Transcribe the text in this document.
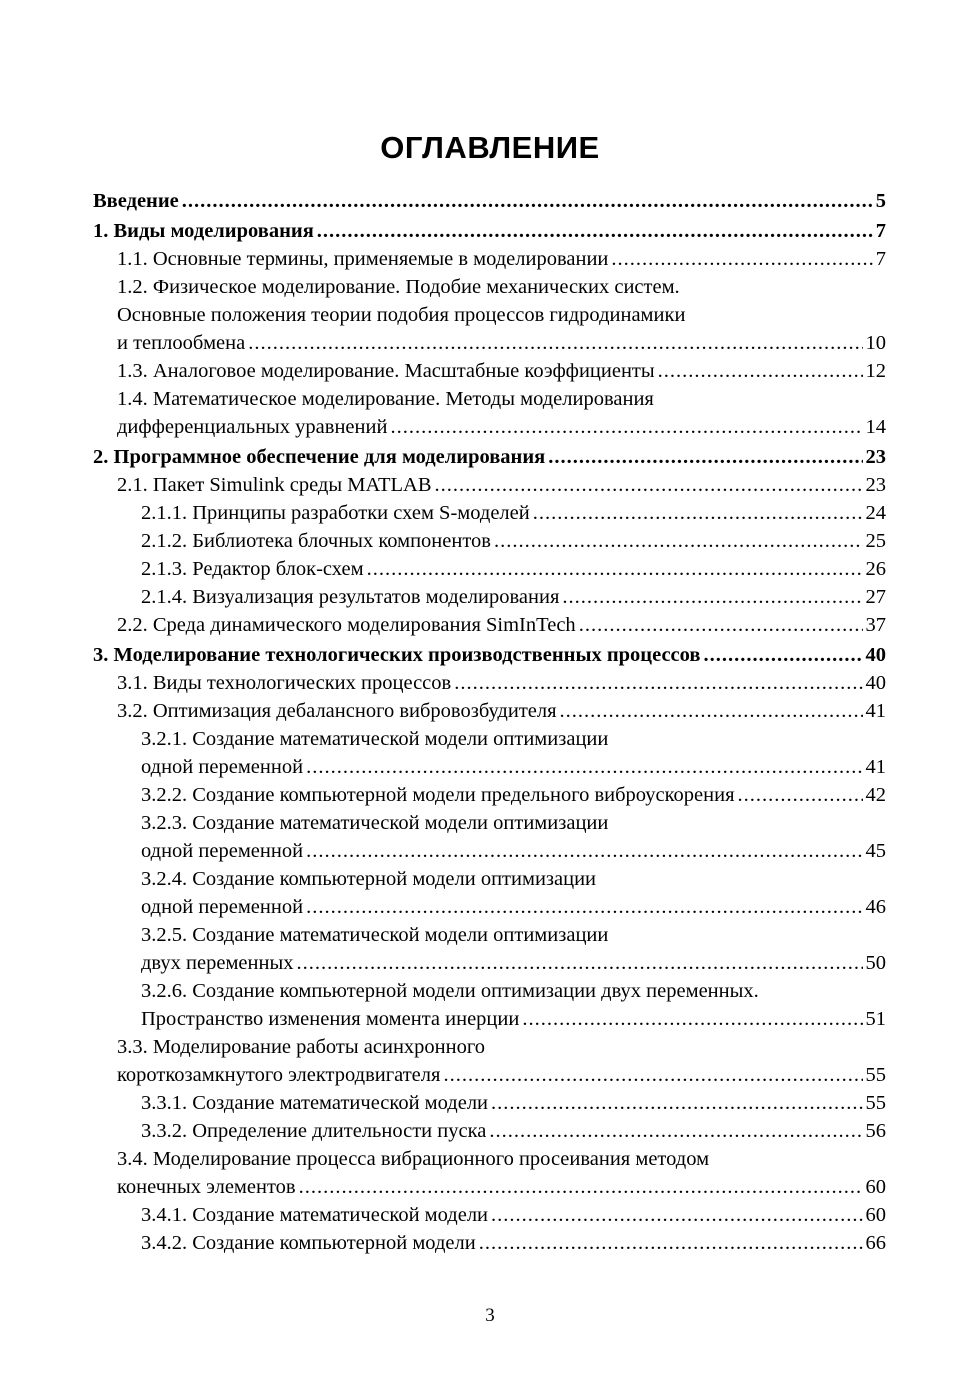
ОГЛАВЛЕНИЕ
Введение .....	5
1. Виды моделирования .....	7
1.1. Основные термины, применяемые в моделировании .....	7
1.2. Физическое моделирование. Подобие механических систем.
Основные положения теории подобия процессов гидродинамики
и теплообмена .....	10
1.3. Аналоговое моделирование. Масштабные коэффициенты .....	12
1.4. Математическое моделирование. Методы моделирования
дифференциальных уравнений .....	14
2. Программное обеспечение для моделирования .....	23
2.1. Пакет Simulink среды MATLAB .....	23
2.1.1. Принципы разработки схем S-моделей .....	24
2.1.2. Библиотека блочных компонентов .....	25
2.1.3. Редактор блок-схем .....	26
2.1.4. Визуализация результатов моделирования .....	27
2.2. Среда динамического моделирования SimInTech .....	37
3. Моделирование технологических производственных процессов .....	40
3.1. Виды технологических процессов .....	40
3.2. Оптимизация дебалансного вибровозбудителя .....	41
3.2.1. Создание математической модели оптимизации
одной переменной .....	41
3.2.2. Создание компьютерной модели предельного виброускорения .....	42
3.2.3. Создание математической модели оптимизации
одной переменной .....	45
3.2.4. Создание компьютерной модели оптимизации
одной переменной .....	46
3.2.5. Создание математической модели оптимизации
двух переменных .....	50
3.2.6. Создание компьютерной модели оптимизации двух переменных.
Пространство изменения момента инерции .....	51
3.3. Моделирование работы асинхронного
короткозамкнутого электродвигателя .....	55
3.3.1. Создание математической модели .....	55
3.3.2. Определение длительности пуска .....	56
3.4. Моделирование процесса вибрационного просеивания методом
конечных элементов .....	60
3.4.1. Создание математической модели .....	60
3.4.2. Создание компьютерной модели .....	66
3
